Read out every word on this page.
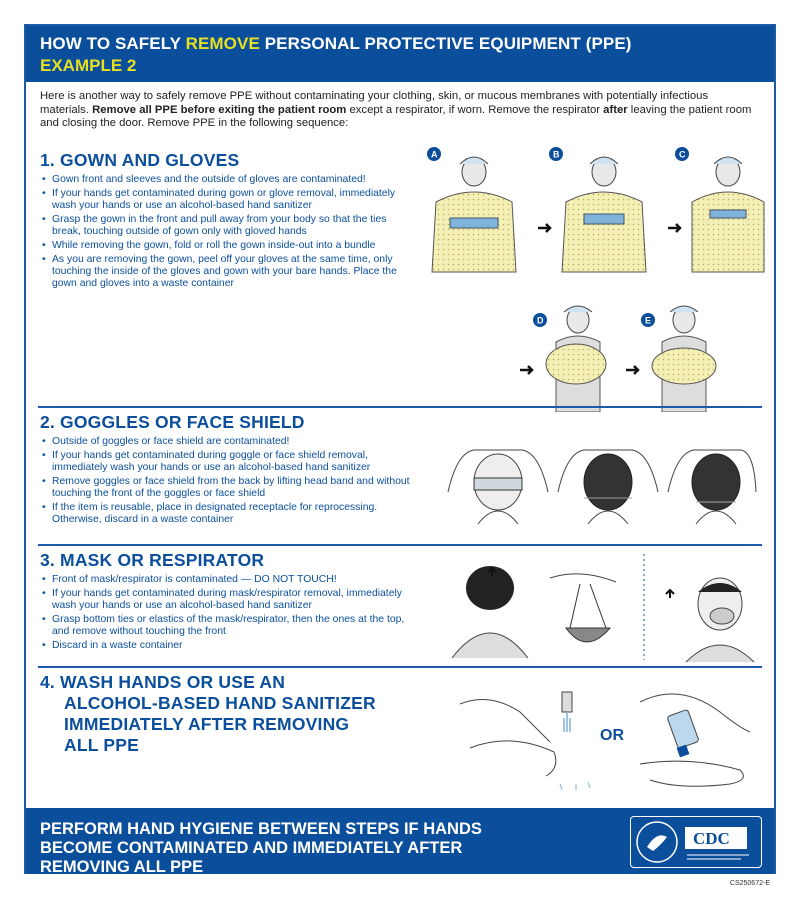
HOW TO SAFELY REMOVE PERSONAL PROTECTIVE EQUIPMENT (PPE)
EXAMPLE 2
Here is another way to safely remove PPE without contaminating your clothing, skin, or mucous membranes with potentially infectious materials. Remove all PPE before exiting the patient room except a respirator, if worn. Remove the respirator after leaving the patient room and closing the door. Remove PPE in the following sequence:
1. GOWN AND GLOVES
• Gown front and sleeves and the outside of gloves are contaminated!
• If your hands get contaminated during gown or glove removal, immediately wash your hands or use an alcohol-based hand sanitizer
• Grasp the gown in the front and pull away from your body so that the ties break, touching outside of gown only with gloved hands
• While removing the gown, fold or roll the gown inside-out into a bundle
• As you are removing the gown, peel off your gloves at the same time, only touching the inside of the gloves and gown with your bare hands. Place the gown and gloves into a waste container
A	B	C
D	E
2. GOGGLES OR FACE SHIELD
• Outside of goggles or face shield are contaminated!
• If your hands get contaminated during goggle or face shield removal, immediately wash your hands or use an alcohol-based hand sanitizer
• Remove goggles or face shield from the back by lifting head band and without touching the front of the goggles or face shield
• If the item is reusable, place in designated receptacle for reprocessing. Otherwise, discard in a waste container
3. MASK OR RESPIRATOR
• Front of mask/respirator is contaminated — DO NOT TOUCH!
• If your hands get contaminated during mask/respirator removal, immediately wash your hands or use an alcohol-based hand sanitizer
• Grasp bottom ties or elastics of the mask/respirator, then the ones at the top, and remove without touching the front
• Discard in a waste container
4. WASH HANDS OR USE AN
ALCOHOL-BASED HAND SANITIZER
IMMEDIATELY AFTER REMOVING
ALL PPE	OR
PERFORM HAND HYGIENE BETWEEN STEPS IF HANDS
BECOME CONTAMINATED AND IMMEDIATELY AFTER
REMOVING ALL PPE
CDC
CS250672-E
